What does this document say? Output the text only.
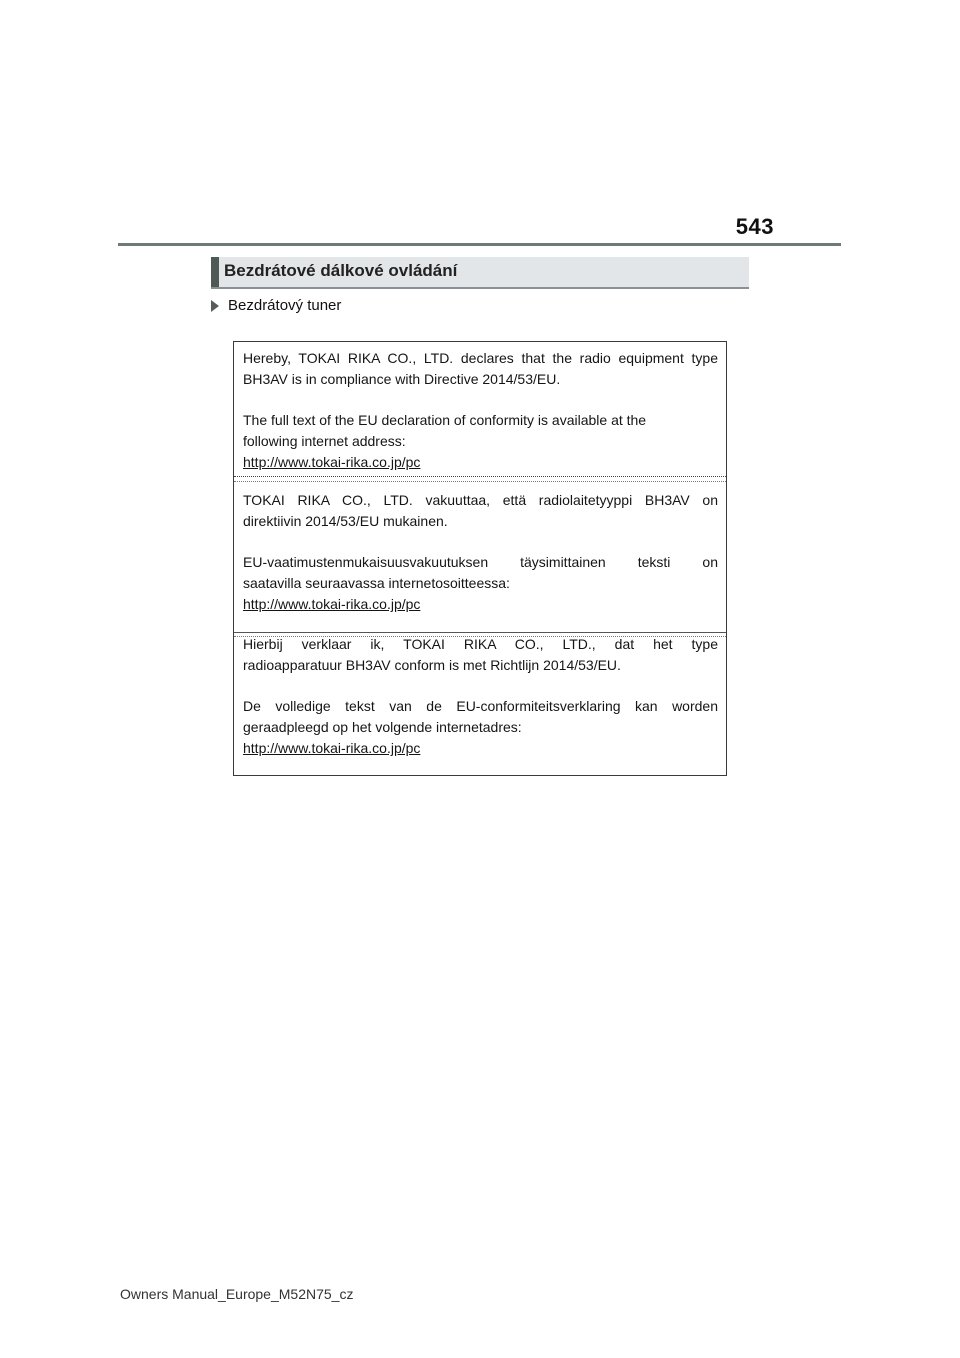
543
Bezdrátové dálkové ovládání
Bezdrátový tuner

Hereby, TOKAI RIKA CO., LTD. declares that the radio equipment type

BH3AV is in compliance with Directive 2014/53/EU.

The full text of the EU declaration of conformity is available at the

following internet address:

http://www.tokai-rika.co.jp/pc

TOKAI RIKA CO., LTD. vakuuttaa, että radiolaitetyyppi BH3AV on

direktiivin 2014/53/EU mukainen.

EU-vaatimustenmukaisuusvakuutuksen täysimittainen teksti on

saatavilla seuraavassa internetosoitteessa:

http://www.tokai-rika.co.jp/pc

Hierbij verklaar ik, TOKAI RIKA CO., LTD., dat het type

radioapparatuur BH3AV conform is met Richtlijn 2014/53/EU.

De volledige tekst van de EU-conformiteitsverklaring kan worden

geraadpleegd op het volgende internetadres:

http://www.tokai-rika.co.jp/pc

Owners Manual_Europe_M52N75_cz
